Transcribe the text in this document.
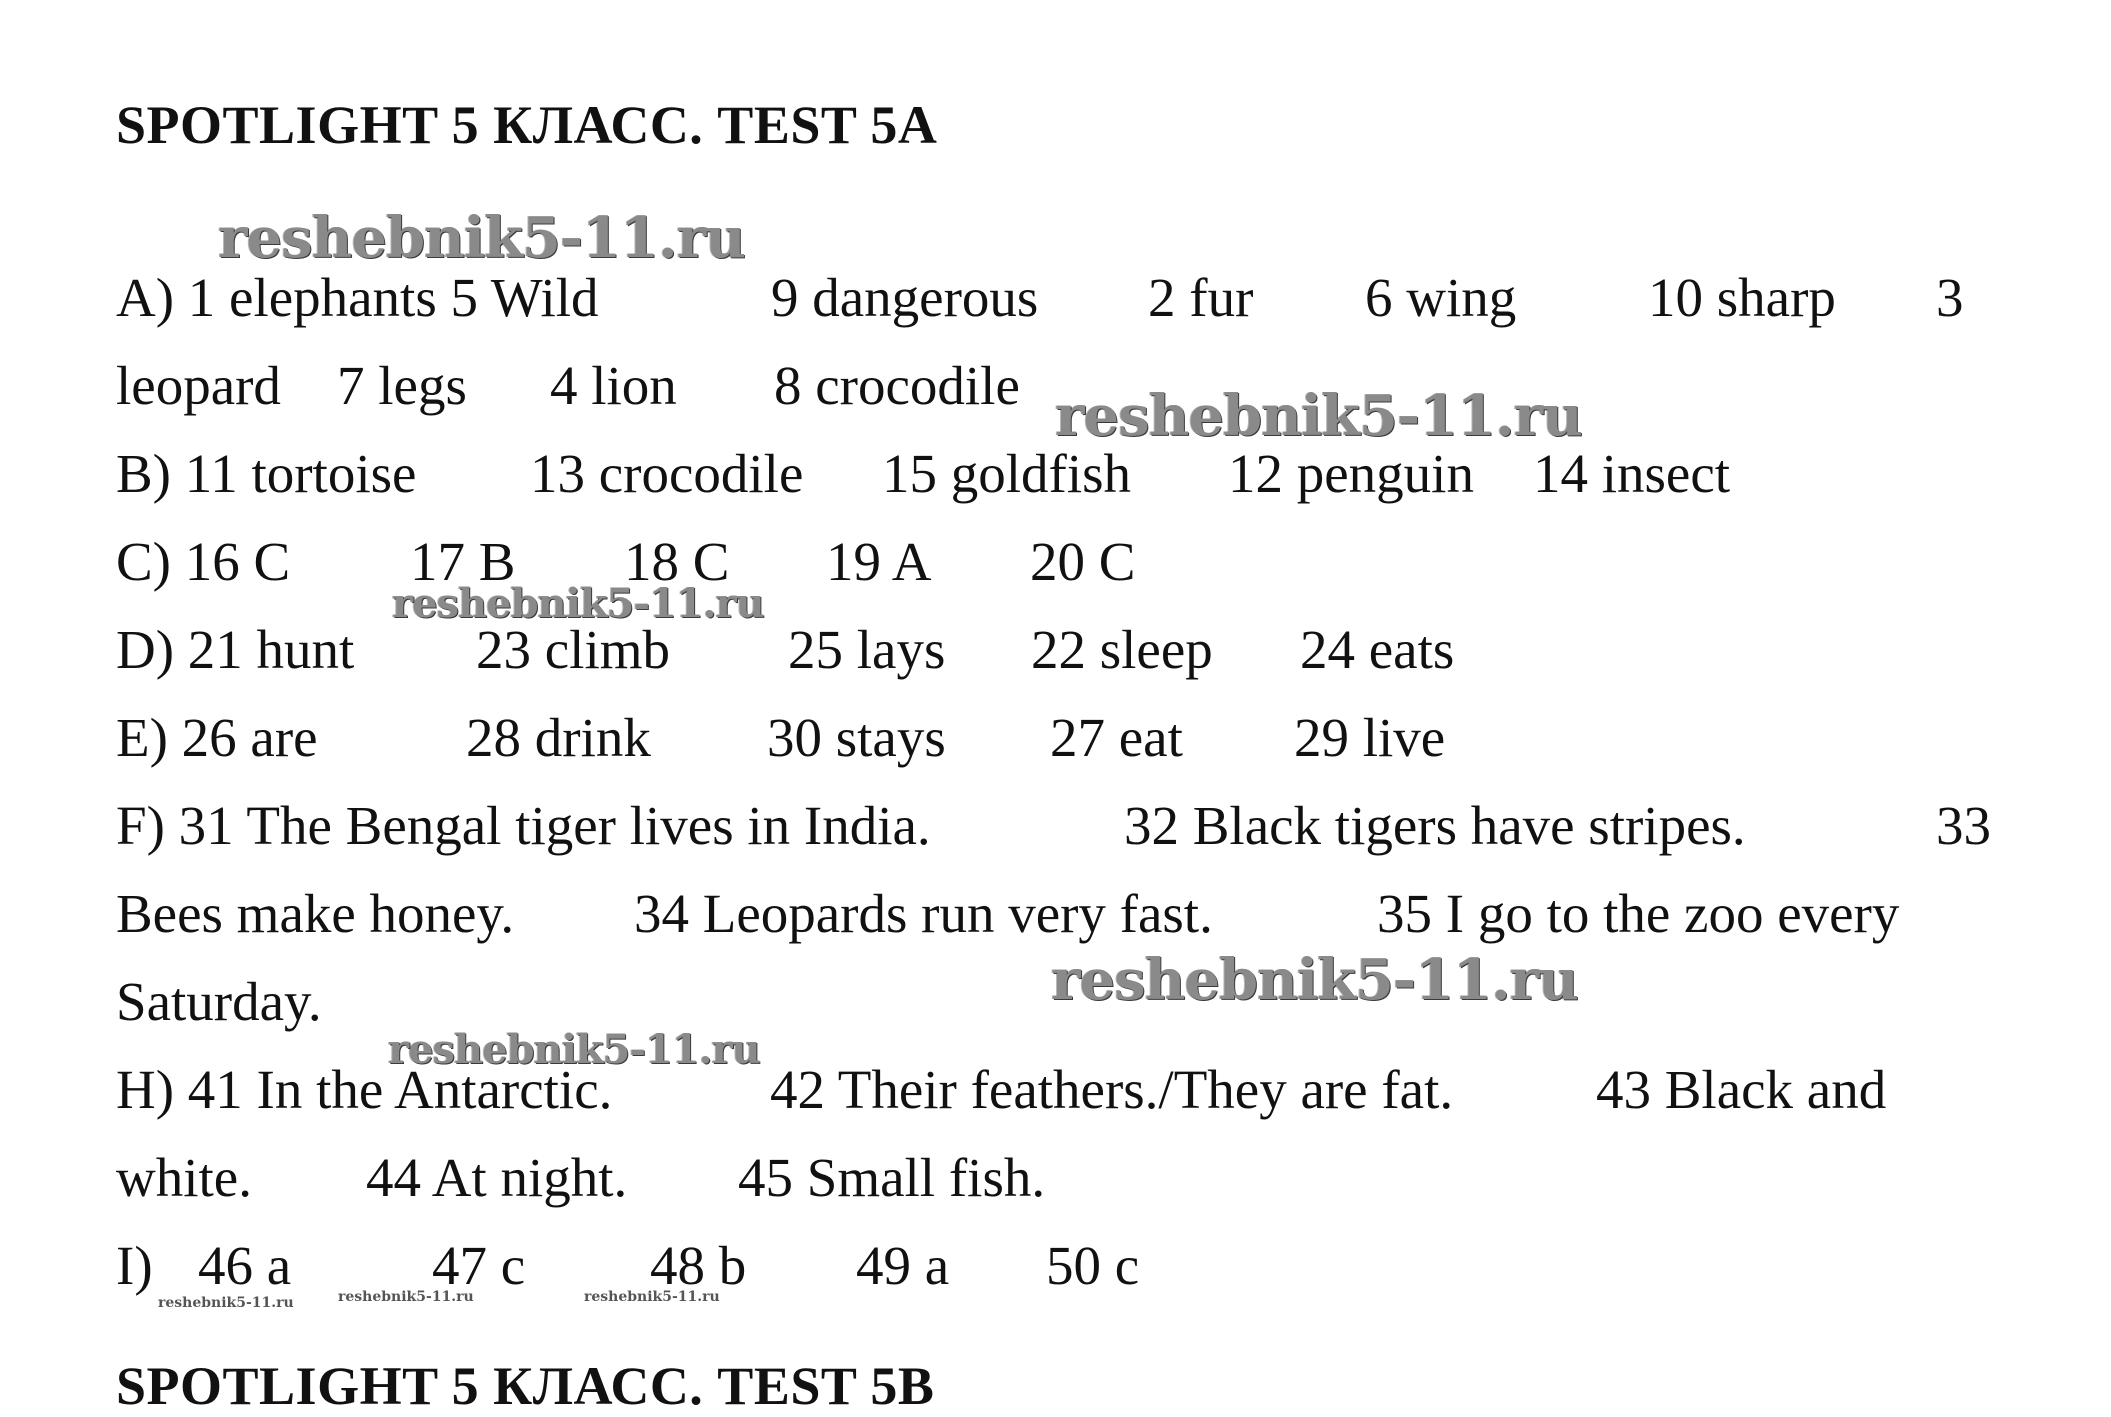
SPOTLIGHT 5 КЛАСС. TEST 5A
reshebnik5-11.ru
reshebnik5-11.ru
reshebnik5-11.ru
reshebnik5-11.ru
reshebnik5-11.ru
reshebnik5-11.ru	reshebnik5-11.ru	reshebnik5-11.ru
A) 1 elephants 5 Wild	9 dangerous 2 fur 6 wing 10 sharp 3
leopard 7 legs 4 lion 8 crocodile
B) 11 tortoise 13 crocodile 15 goldfish 12 penguin 14 insect
C) 16 C 17 B 18 C 19 A 20 C
D) 21 hunt 23 climb 25 lays 22 sleep 24 eats
E) 26 are	28 drink 30 stays 27 eat 29 live
F) 31 The Bengal tiger lives in India.	32 Black tigers have stripes.	33
Bees make honey. 34 Leopards run very fast.	35 I go to the zoo every
Saturday.
H) 41 In the Antarctic.	42 Their feathers./They are fat.	43 Black and
white. 44 At night. 45 Small fish.
I) 46 a	47 c 48 b 49 a 50 c
SPOTLIGHT 5 КЛАСС. TEST 5B
